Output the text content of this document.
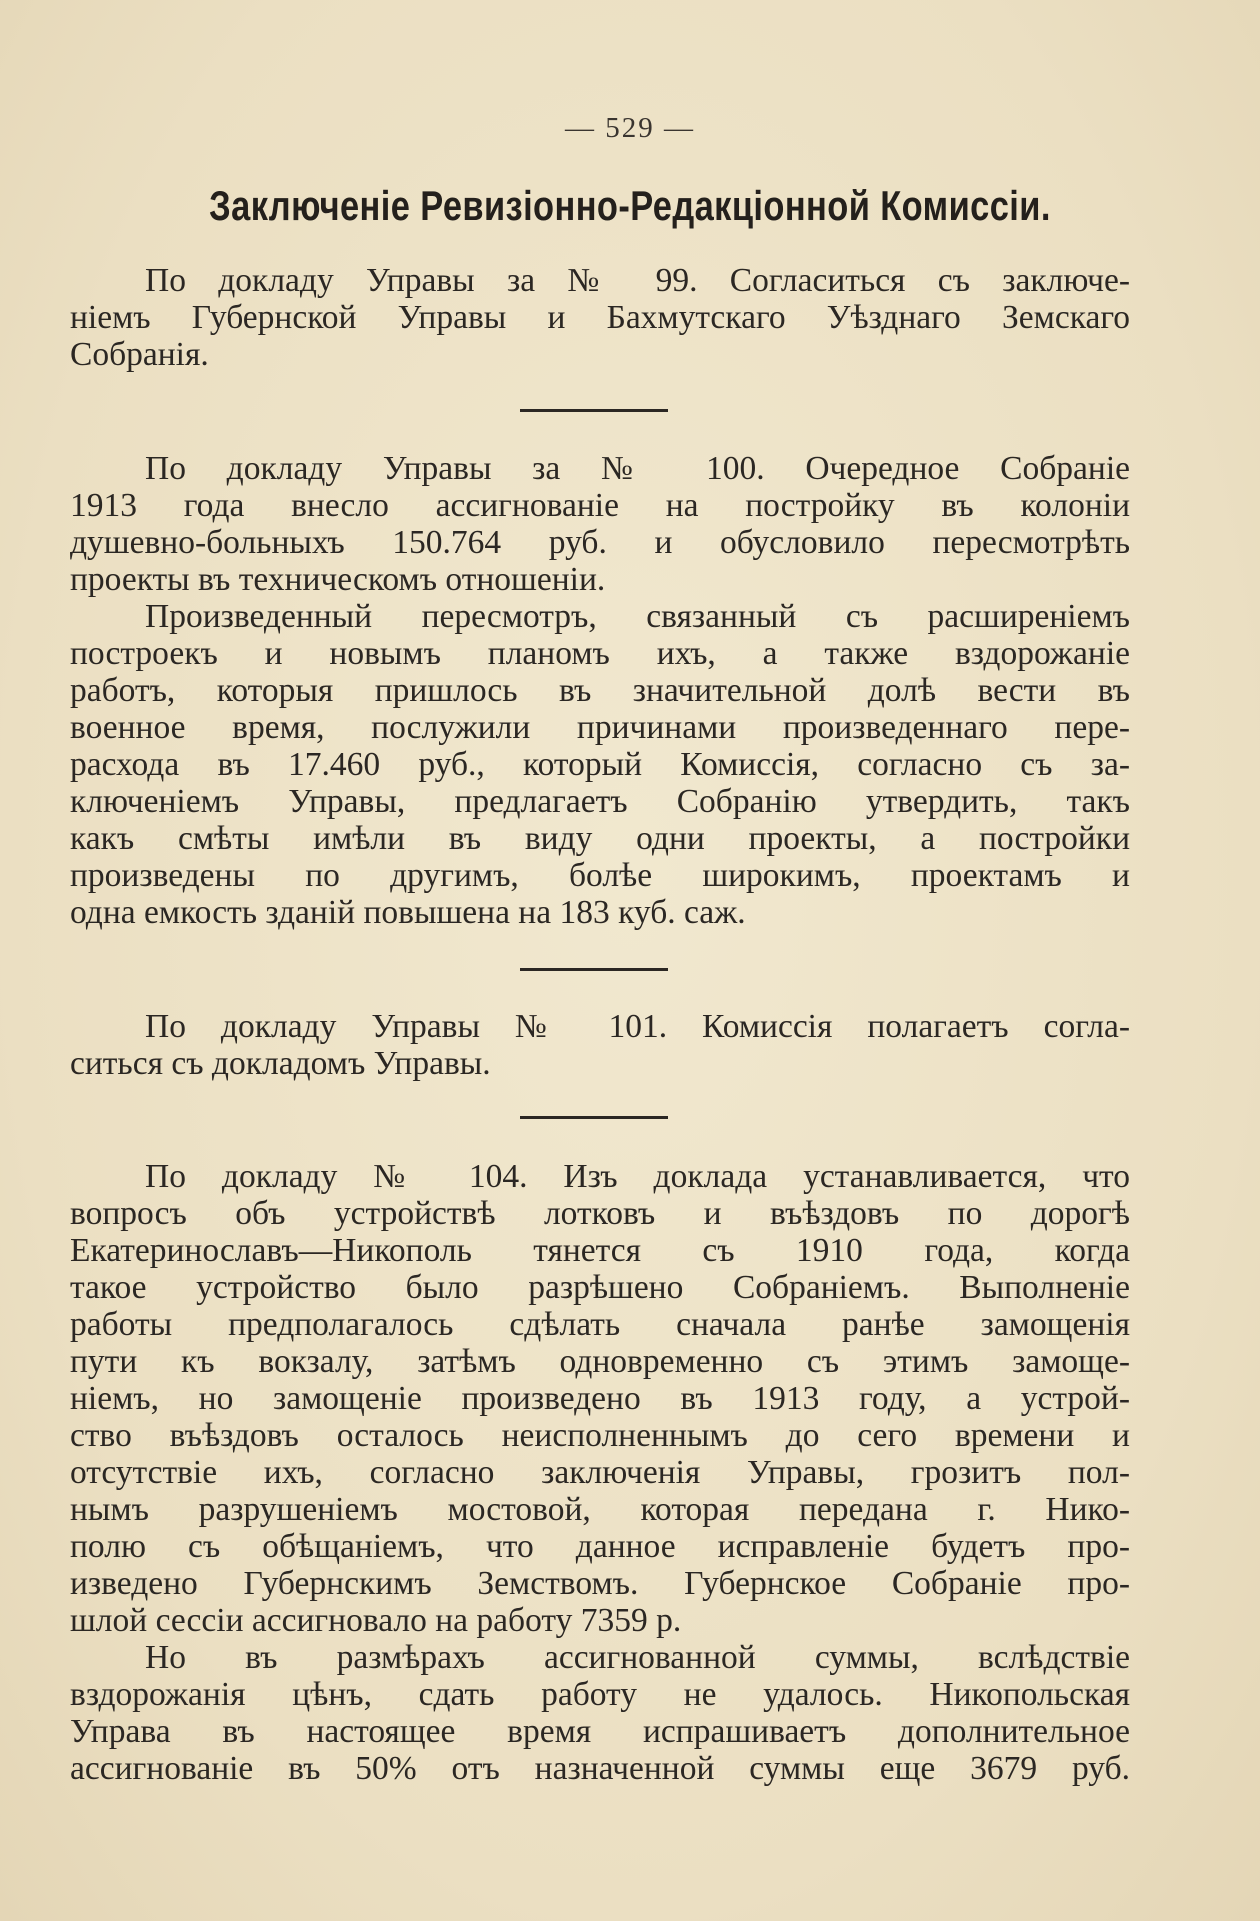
— 529 —
Заключеніе Ревизіонно-Редакціонной Комиссіи.
По докладу Управы за № 99. Согласиться съ заключе-
ніемъ Губернской Управы и Бахмутскаго Уѣзднаго Земскаго
Собранія.
По докладу Управы за № 100. Очередное Собраніе
1913 года внесло ассигнованіе на постройку въ колоніи
душевно-больныхъ 150.764 руб. и обусловило пересмотрѣть
проекты въ техническомъ отношеніи.
Произведенный пересмотръ, связанный съ расширеніемъ
построекъ и новымъ планомъ ихъ, а также вздорожаніе
работъ, которыя пришлось въ значительной долѣ вести въ
военное время, послужили причинами произведеннаго пере-
расхода въ 17.460 руб., который Комиссія, согласно съ за-
ключеніемъ Управы, предлагаетъ Собранію утвердить, такъ
какъ смѣты имѣли въ виду одни проекты, а постройки
произведены по другимъ, болѣе широкимъ, проектамъ и
одна емкость зданій повышена на 183 куб. саж.
По докладу Управы № 101. Комиссія полагаетъ согла-
ситься съ докладомъ Управы.
По докладу № 104. Изъ доклада устанавливается, что
вопросъ объ устройствѣ лотковъ и въѣздовъ по дорогѣ
Екатеринославъ—Никополь тянется съ 1910 года, когда
такое устройство было разрѣшено Собраніемъ. Выполненіе
работы предполагалось сдѣлать сначала ранѣе замощенія
пути къ вокзалу, затѣмъ одновременно съ этимъ замоще-
ніемъ, но замощеніе произведено въ 1913 году, а устрой-
ство въѣздовъ осталось неисполненнымъ до сего времени и
отсутствіе ихъ, согласно заключенія Управы, грозитъ пол-
нымъ разрушеніемъ мостовой, которая передана г. Нико-
полю съ обѣщаніемъ, что данное исправленіе будетъ про-
изведено Губернскимъ Земствомъ. Губернское Собраніе про-
шлой сессіи ассигновало на работу 7359 р.
Но въ размѣрахъ ассигнованной суммы, вслѣдствіе
вздорожанія цѣнъ, сдать работу не удалось. Никопольская
Управа въ настоящее время испрашиваетъ дополнительное
ассигнованіе въ 50% отъ назначенной суммы еще 3679 руб.
